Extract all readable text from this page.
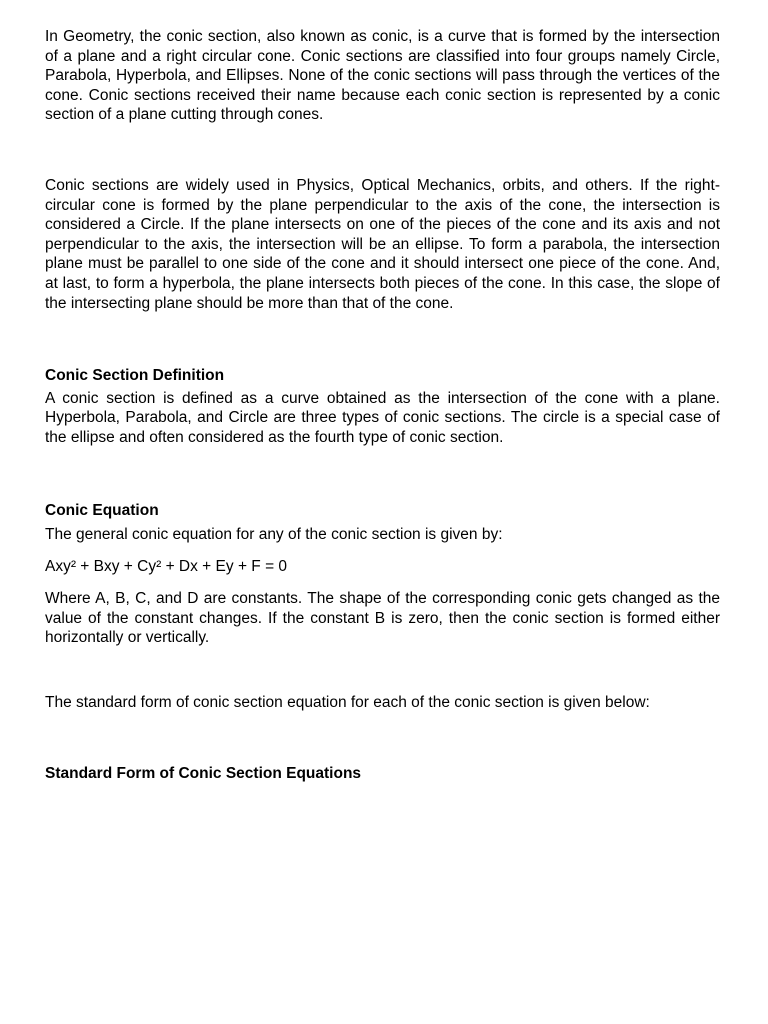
In Geometry, the conic section, also known as conic, is a curve that is formed by the intersection of a plane and a right circular cone. Conic sections are classified into four groups namely Circle, Parabola, Hyperbola, and Ellipses. None of the conic sections will pass through the vertices of the cone. Conic sections received their name because each conic section is represented by a conic section of a plane cutting through cones.

Conic sections are widely used in Physics, Optical Mechanics, orbits, and others. If the right-circular cone is formed by the plane perpendicular to the axis of the cone, the intersection is considered a Circle. If the plane intersects on one of the pieces of the cone and its axis and not perpendicular to the axis, the intersection will be an ellipse. To form a parabola, the intersection plane must be parallel to one side of the cone and it should intersect one piece of the cone. And, at last, to form a hyperbola, the plane intersects both pieces of the cone. In this case, the slope of the intersecting plane should be more than that of the cone.

Conic Section Definition

A conic section is defined as a curve obtained as the intersection of the cone with a plane. Hyperbola, Parabola, and Circle are three types of conic sections. The circle is a special case of the ellipse and often considered as the fourth type of conic section.

Conic Equation

The general conic equation for any of the conic section is given by:

Axy² + Bxy + Cy² + Dx + Ey + F = 0

Where A, B, C, and D are constants. The shape of the corresponding conic gets changed as the value of the constant changes. If the constant B is zero, then the conic section is formed either horizontally or vertically.

The standard form of conic section equation for each of the conic section is given below:

Standard Form of Conic Section Equations
